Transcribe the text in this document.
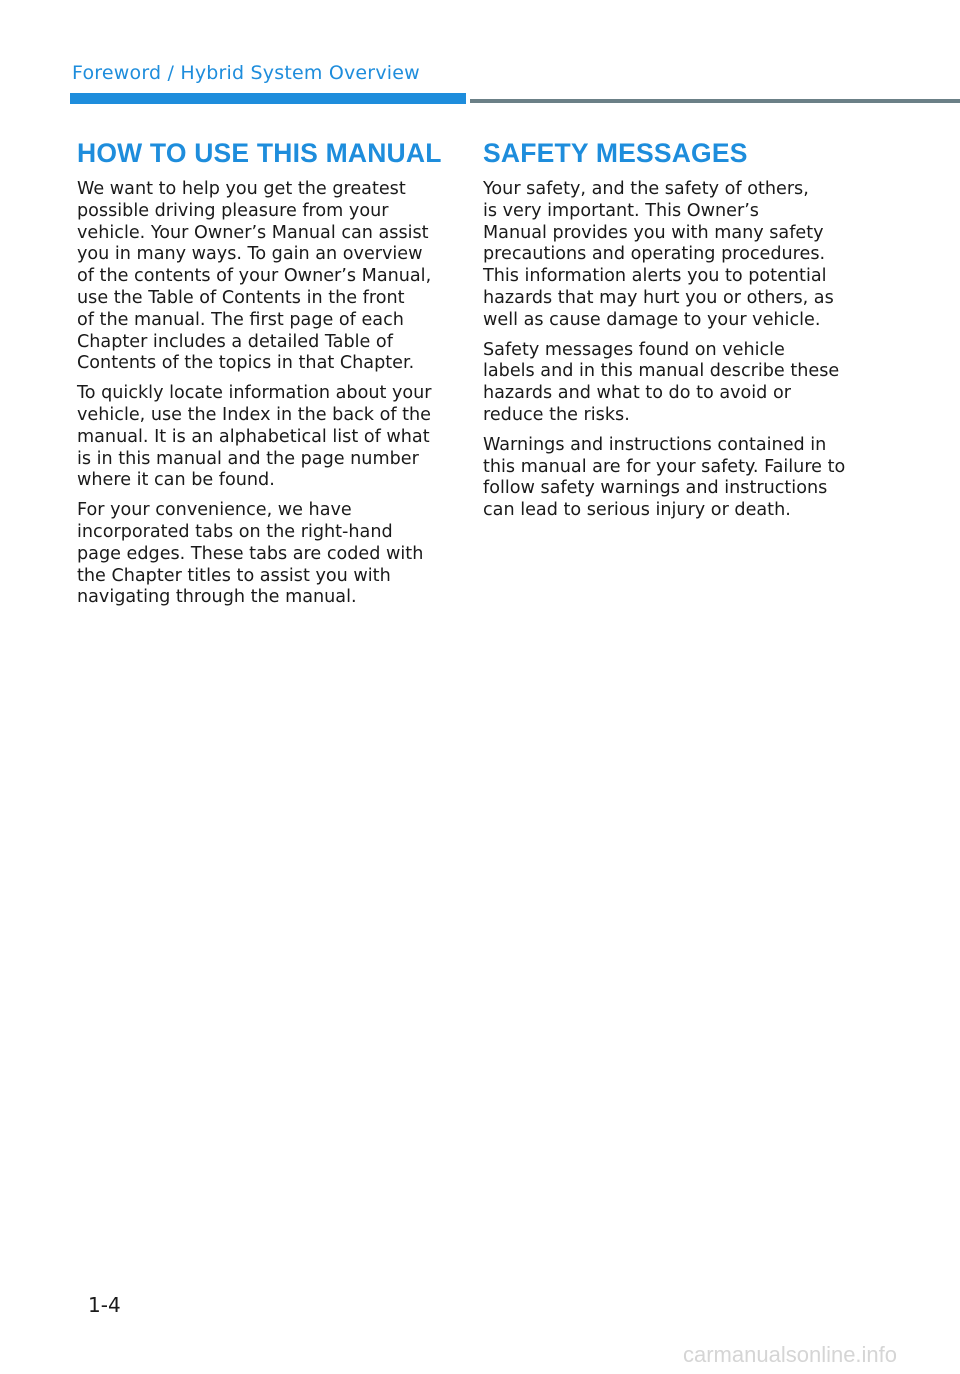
Foreword / Hybrid System Overview
HOW TO USE THIS MANUAL

We want to help you get the greatest
possible driving pleasure from your
vehicle. Your Owner’s Manual can assist
you in many ways. To gain an overview
of the contents of your Owner’s Manual,
use the Table of Contents in the front
of the manual. The first page of each
Chapter includes a detailed Table of
Contents of the topics in that Chapter.

To quickly locate information about your
vehicle, use the Index in the back of the
manual. It is an alphabetical list of what
is in this manual and the page number
where it can be found.

For your convenience, we have
incorporated tabs on the right-hand
page edges. These tabs are coded with
the Chapter titles to assist you with
navigating through the manual.

SAFETY MESSAGES

Your safety, and the safety of others,
is very important. This Owner’s
Manual provides you with many safety
precautions and operating procedures.
This information alerts you to potential
hazards that may hurt you or others, as
well as cause damage to your vehicle.

Safety messages found on vehicle
labels and in this manual describe these
hazards and what to do to avoid or
reduce the risks.

Warnings and instructions contained in
this manual are for your safety. Failure to
follow safety warnings and instructions
can lead to serious injury or death.

1-4
carmanualsonline.info
